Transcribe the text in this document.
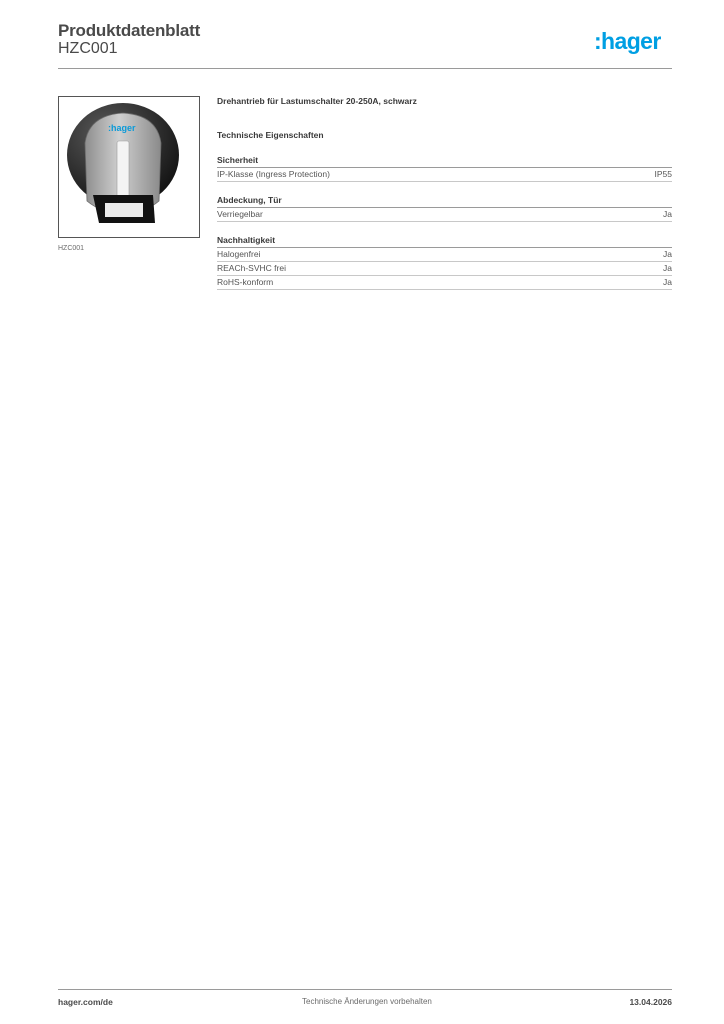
Produktdatenblatt
HZC001	:hager
:hager
HZC001
Drehantrieb für Lastumschalter 20-250A, schwarz
Technische Eigenschaften
Sicherheit
IP-Klasse (Ingress Protection)	IP55
Abdeckung, Tür
Verriegelbar	Ja
Nachhaltigkeit
Halogenfrei	Ja
REACh-SVHC frei	Ja
RoHS-konform	Ja
hager.com/de	Technische Änderungen vorbehalten	13.04.2026
